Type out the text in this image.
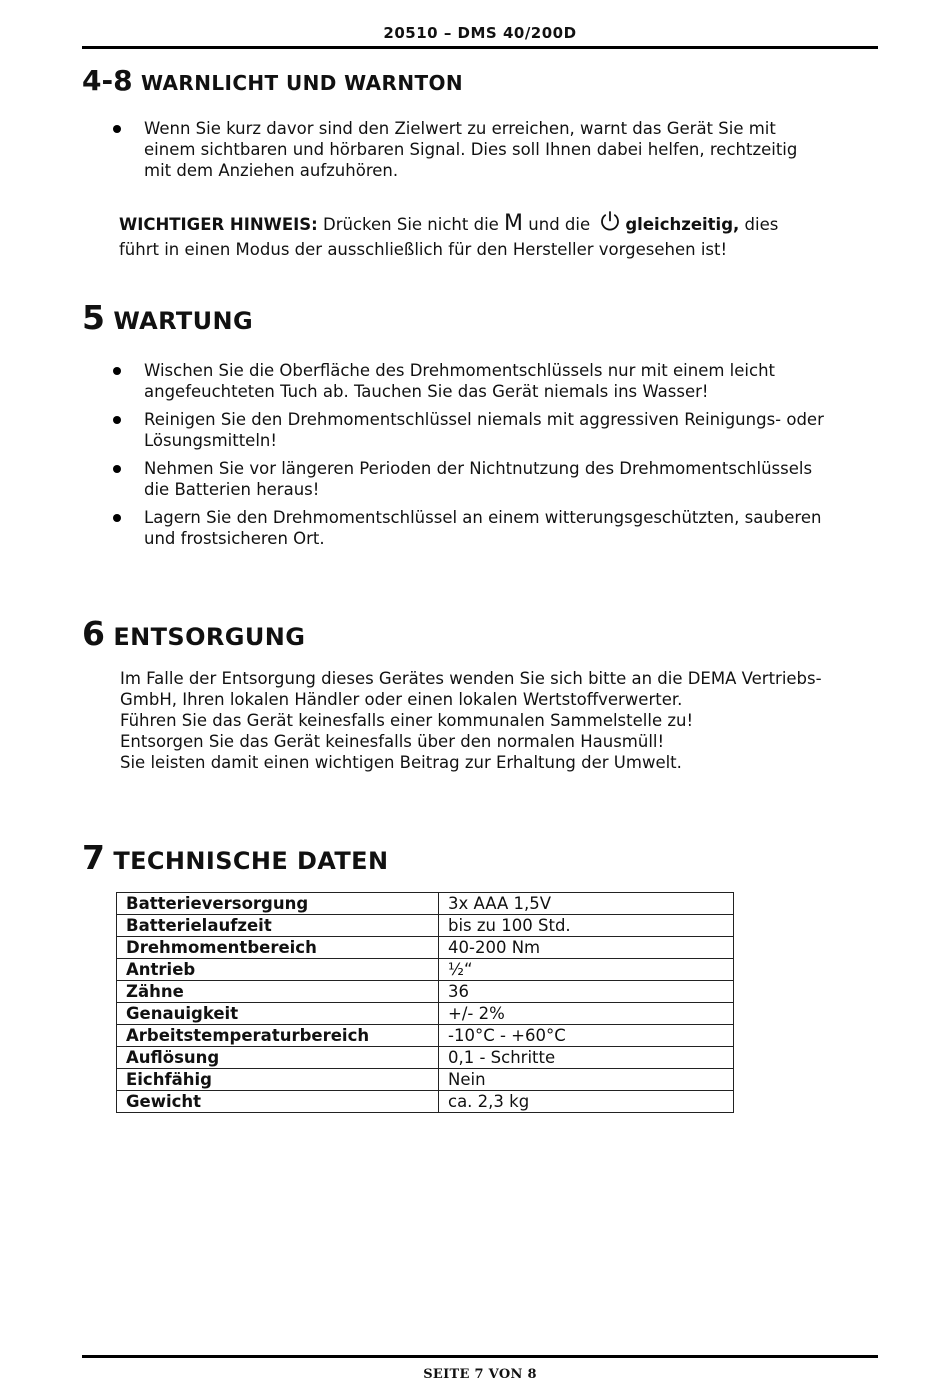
20510 – DMS 40/200D
4-8 WARNLICHT UND WARNTON
Wenn Sie kurz davor sind den Zielwert zu erreichen, warnt das Gerät Sie mit
einem sichtbaren und hörbaren Signal. Dies soll Ihnen dabei helfen, rechtzeitig
mit dem Anziehen aufzuhören.
WICHTIGER HINWEIS: Drücken Sie nicht die M und die gleichzeitig, dies
führt in einen Modus der ausschließlich für den Hersteller vorgesehen ist!
5 WARTUNG
Wischen Sie die Oberfläche des Drehmomentschlüssels nur mit einem leicht
angefeuchteten Tuch ab. Tauchen Sie das Gerät niemals ins Wasser!
Reinigen Sie den Drehmomentschlüssel niemals mit aggressiven Reinigungs- oder
Lösungsmitteln!
Nehmen Sie vor längeren Perioden der Nichtnutzung des Drehmomentschlüssels
die Batterien heraus!
Lagern Sie den Drehmomentschlüssel an einem witterungsgeschützten, sauberen
und frostsicheren Ort.
6 ENTSORGUNG
Im Falle der Entsorgung dieses Gerätes wenden Sie sich bitte an die DEMA Vertriebs-
GmbH, Ihren lokalen Händler oder einen lokalen Wertstoffverwerter.
Führen Sie das Gerät keinesfalls einer kommunalen Sammelstelle zu!
Entsorgen Sie das Gerät keinesfalls über den normalen Hausmüll!
Sie leisten damit einen wichtigen Beitrag zur Erhaltung der Umwelt.
7 TECHNISCHE DATEN
Batterieversorgung	3x AAA 1,5V
Batterielaufzeit	bis zu 100 Std.
Drehmomentbereich	40-200 Nm
Antrieb	½“
Zähne	36
Genauigkeit	+/- 2%
Arbeitstemperaturbereich	-10°C - +60°C
Auflösung	0,1 - Schritte
Eichfähig	Nein
Gewicht	ca. 2,3 kg
SEITE 7 VON 8
